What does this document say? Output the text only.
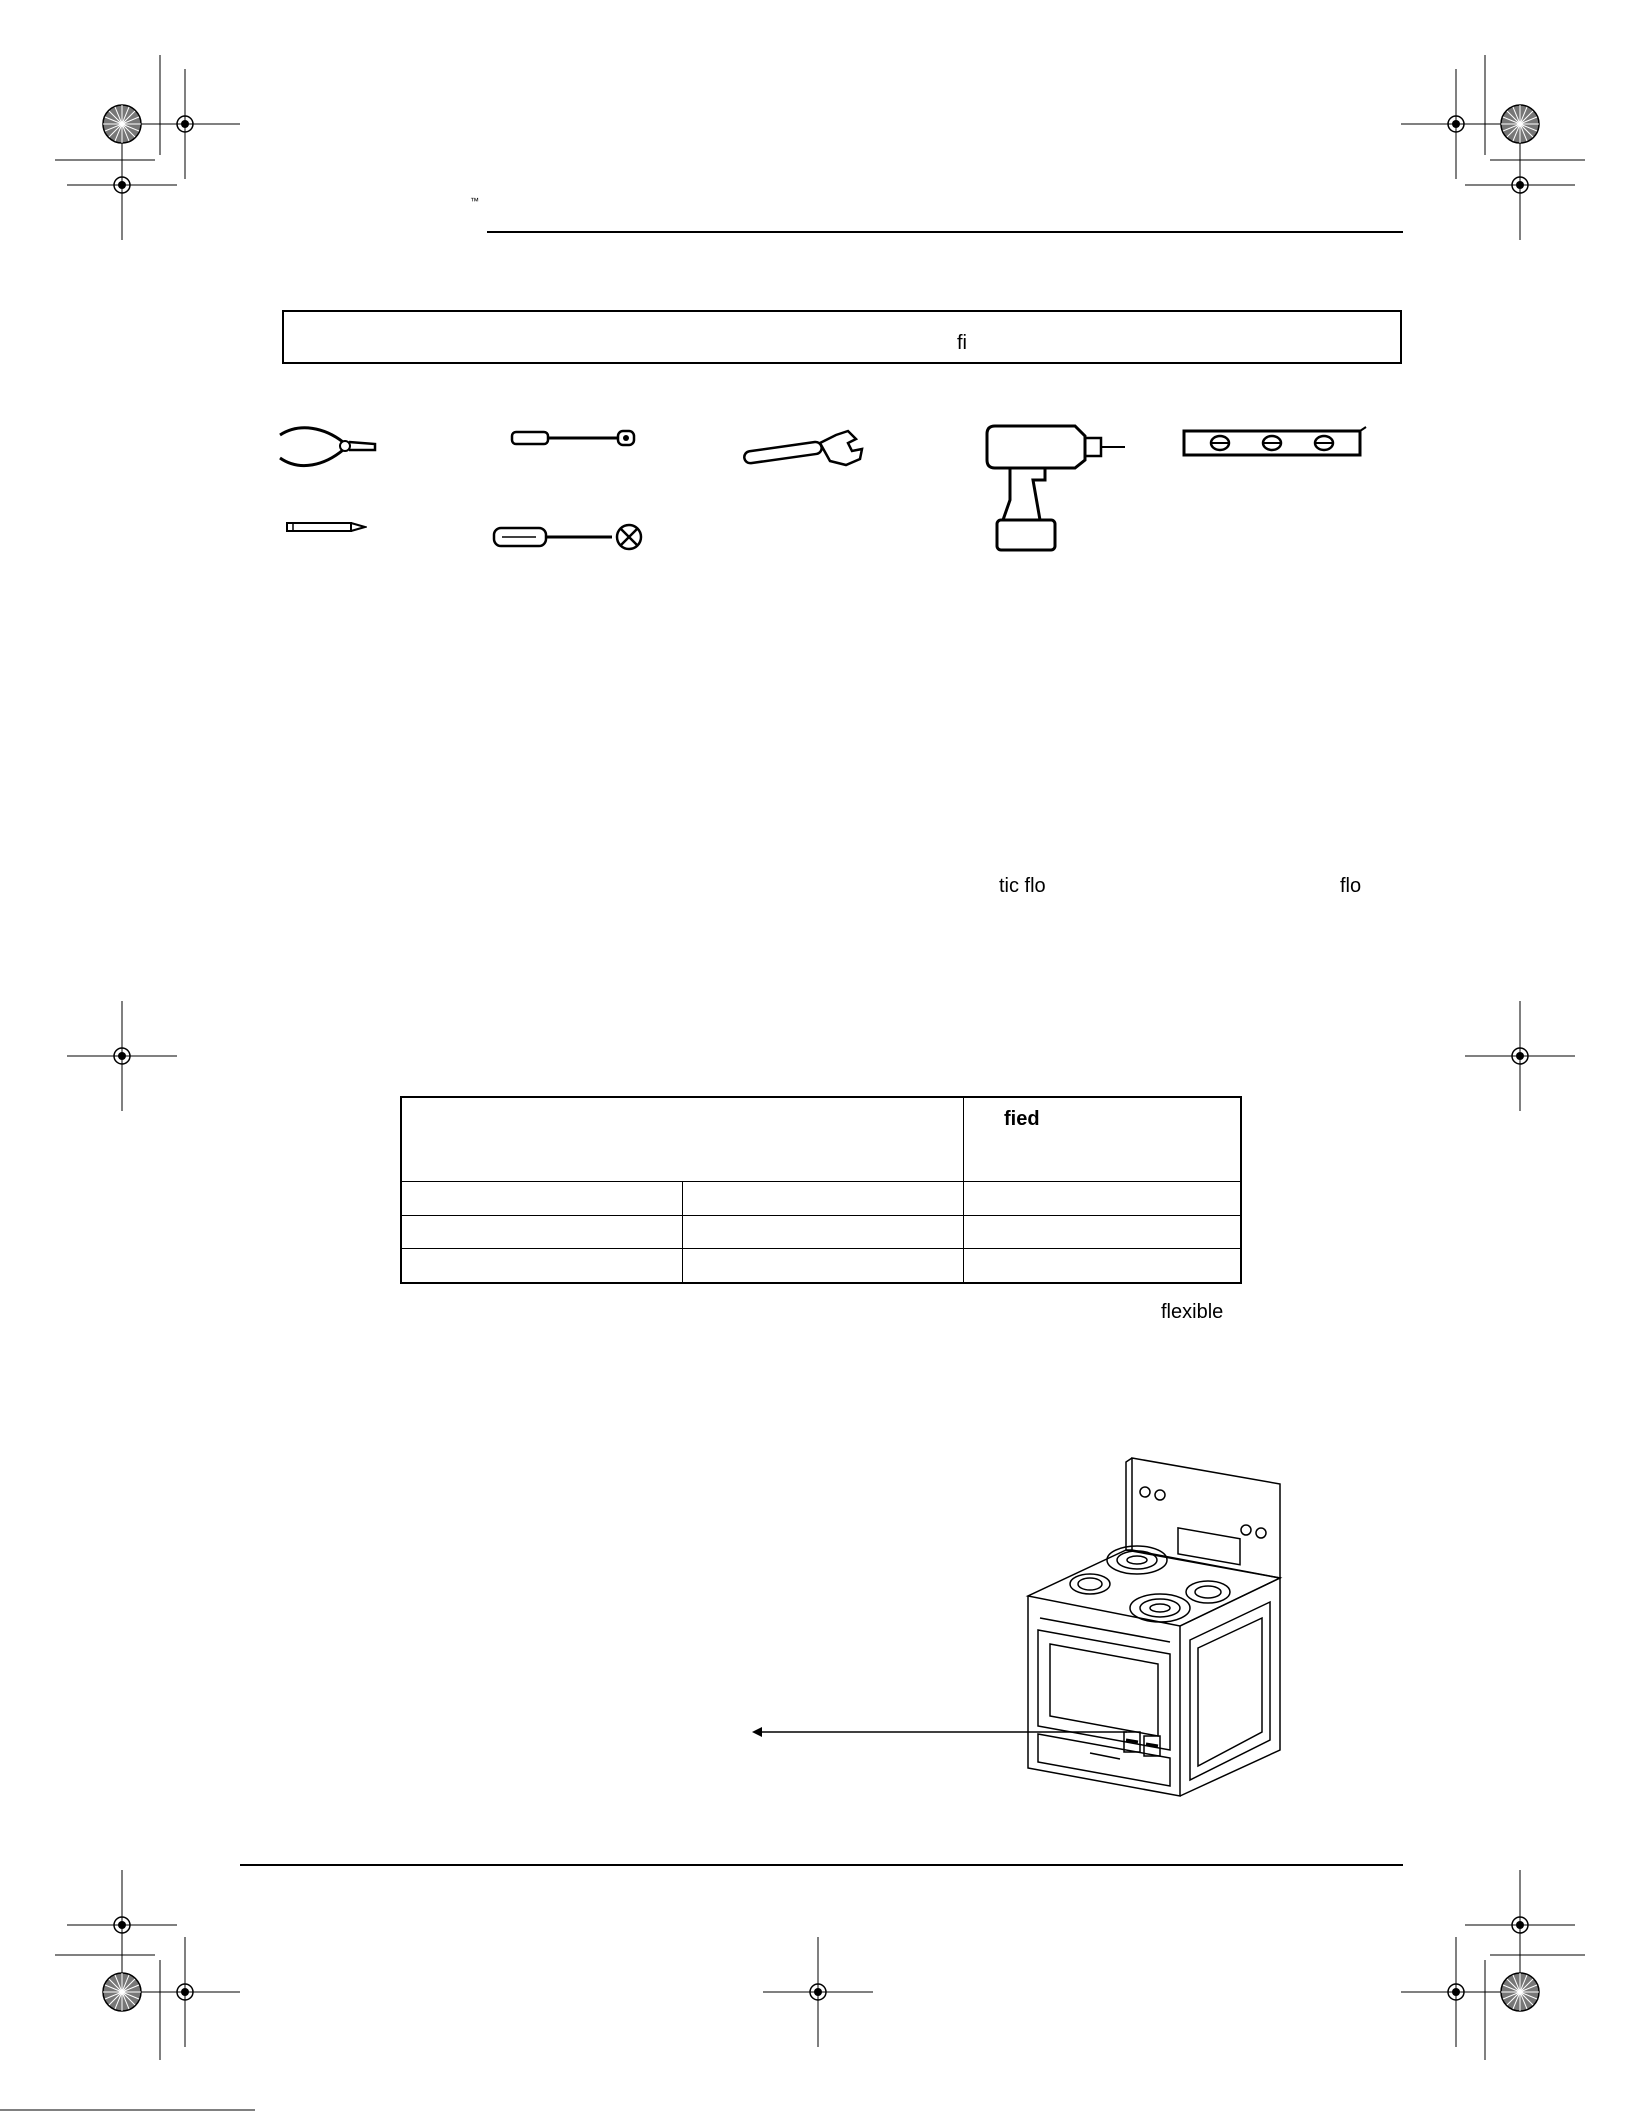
™
fi
tic flo	flo
		fied

flexible
